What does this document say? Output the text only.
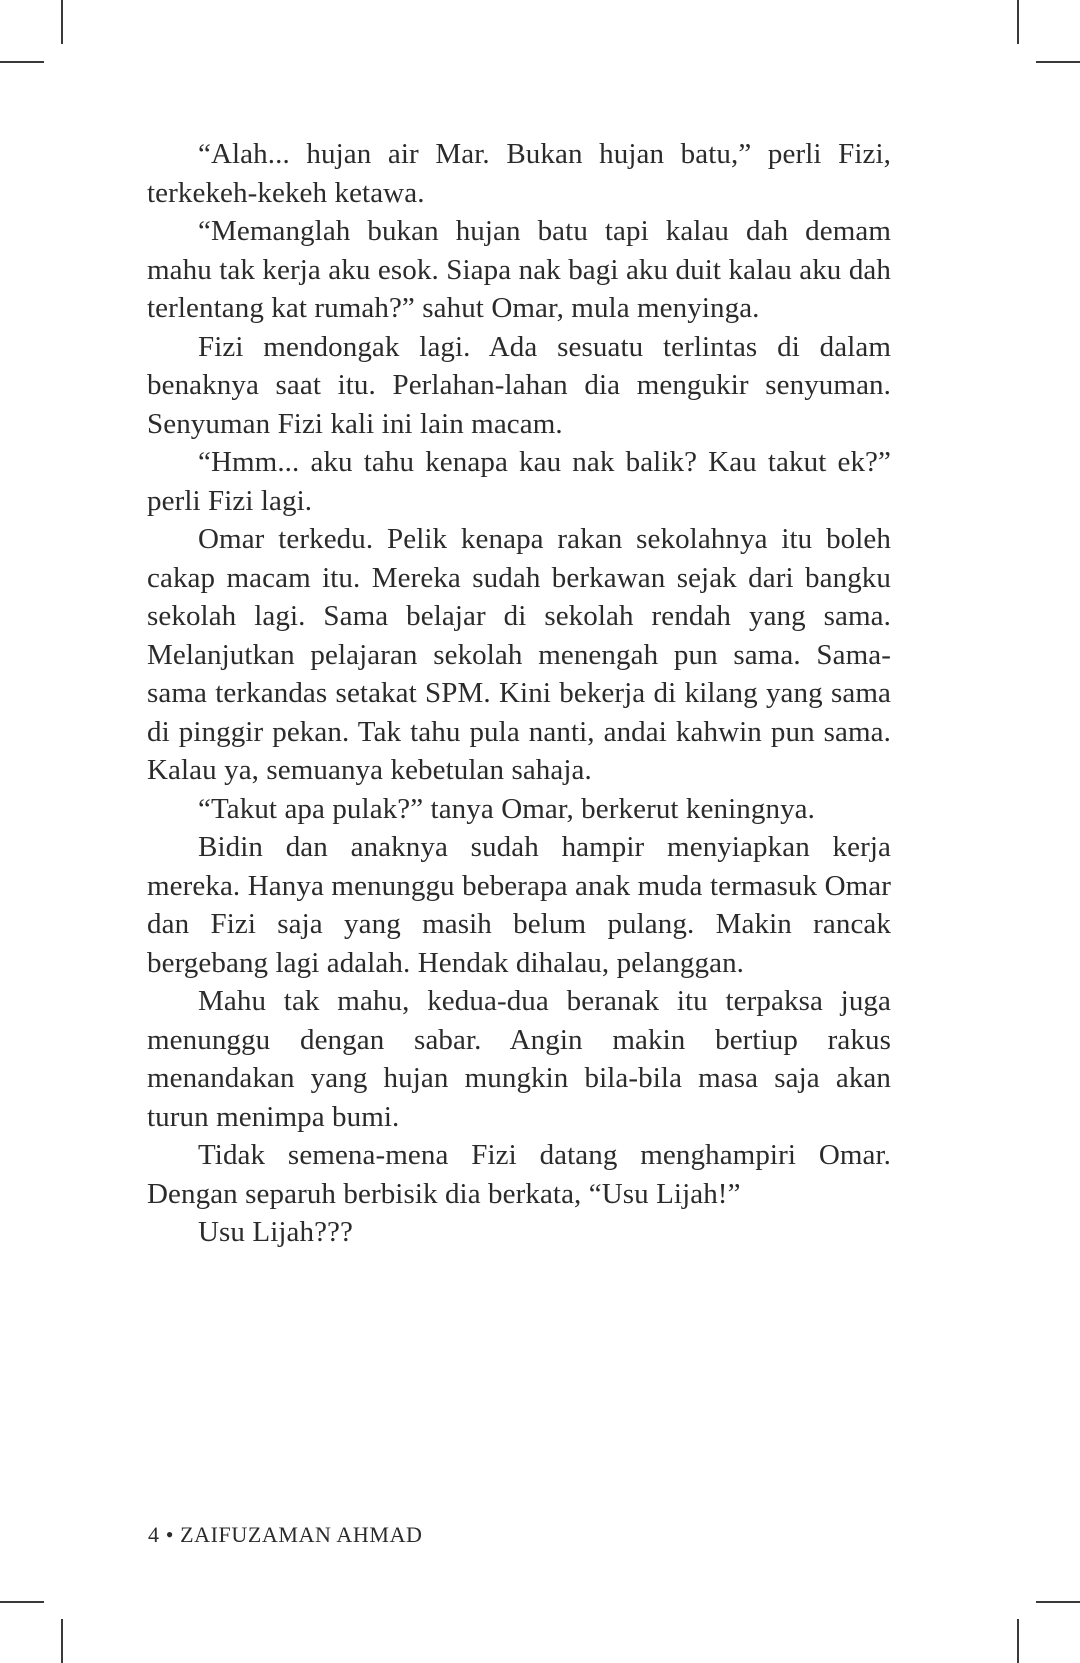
“Alah... hujan air Mar. Bukan hujan batu,” perli Fizi, terkekeh-kekeh ketawa.

“Memanglah bukan hujan batu tapi kalau dah demam mahu tak kerja aku esok. Siapa nak bagi aku duit kalau aku dah terlentang kat rumah?” sahut Omar, mula menyinga.

Fizi mendongak lagi. Ada sesuatu terlintas di dalam benaknya saat itu. Perlahan-lahan dia mengukir senyuman. Senyuman Fizi kali ini lain macam.

“Hmm... aku tahu kenapa kau nak balik? Kau takut ek?” perli Fizi lagi.

Omar terkedu. Pelik kenapa rakan sekolahnya itu boleh cakap macam itu. Mereka sudah berkawan sejak dari bangku sekolah lagi. Sama belajar di sekolah rendah yang sama. Melanjutkan pelajaran sekolah menengah pun sama. Sama-sama terkandas setakat SPM. Kini bekerja di kilang yang sama di pinggir pekan. Tak tahu pula nanti, andai kahwin pun sama. Kalau ya, semuanya kebetulan sahaja.

“Takut apa pulak?” tanya Omar, berkerut keningnya.

Bidin dan anaknya sudah hampir menyiapkan kerja mereka. Hanya menunggu beberapa anak muda termasuk Omar dan Fizi saja yang masih belum pulang. Makin rancak bergebang lagi adalah. Hendak dihalau, pelanggan.

Mahu tak mahu, kedua-dua beranak itu terpaksa juga menunggu dengan sabar. Angin makin bertiup rakus menandakan yang hujan mungkin bila-bila masa saja akan turun menimpa bumi.

Tidak semena-mena Fizi datang menghampiri Omar. Dengan separuh berbisik dia berkata, “Usu Lijah!”

Usu Lijah???

4 • ZAIFUZAMAN AHMAD
